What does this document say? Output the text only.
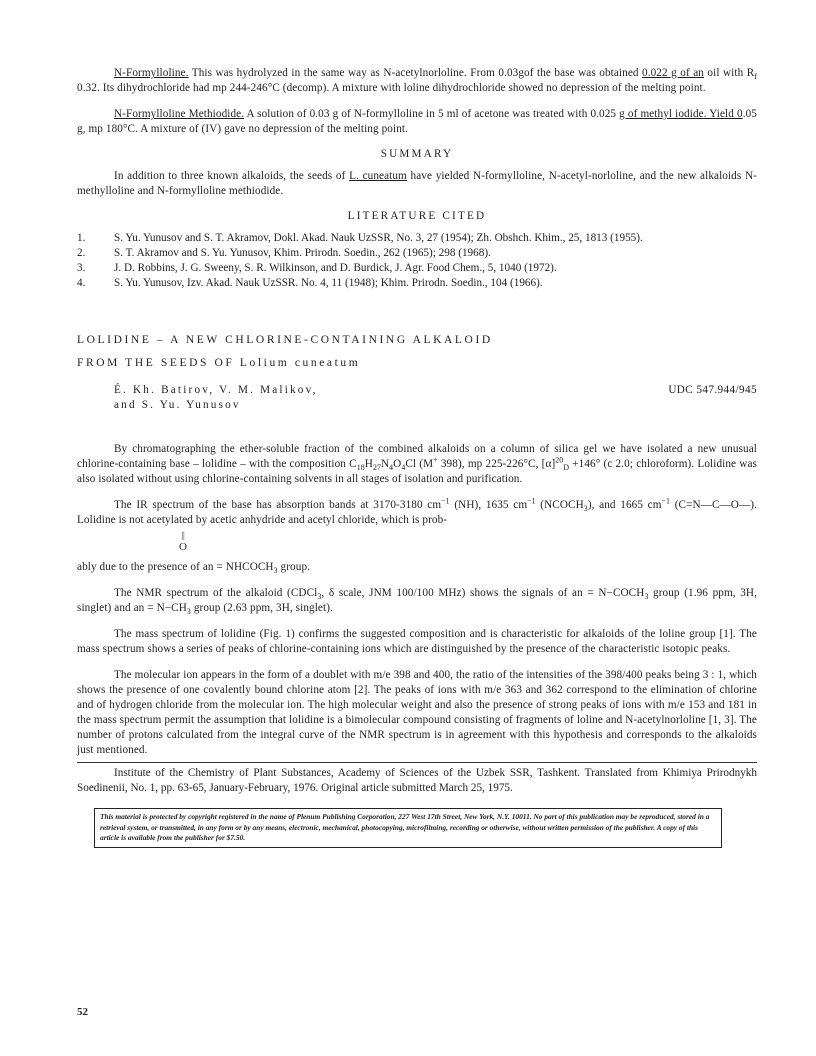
N-Formylloline. This was hydrolyzed in the same way as N-acetylnorloline. From 0.03gof the base was obtained 0.022 g of an oil with $R_f$ 0.32. Its dihydrochloride had mp 244-246°C (decomp). A mixture with loline dihydrochloride showed no depression of the melting point.

N-Formylloline Methiodide. A solution of 0.03 g of N-formylloline in 5 ml of acetone was treated with 0.025 g of methyl iodide. Yield 0.05 g, mp 180°C. A mixture of (IV) gave no depression of the melting point.

SUMMARY

In addition to three known alkaloids, the seeds of L. cuneatum have yielded N-formylloline, N-acetyl-norloline, and the new alkaloids N-methylloline and N-formylloline methiodide.

LITERATURE CITED
1.	S. Yu. Yunusov and S. T. Akramov, Dokl. Akad. Nauk UzSSR, No. 3, 27 (1954); Zh. Obshch. Khim., 25, 1813 (1955).
2.	S. T. Akramov and S. Yu. Yunusov, Khim. Prirodn. Soedin., 262 (1965); 298 (1968).
3.	J. D. Robbins, J. G. Sweeny, S. R. Wilkinson, and D. Burdick, J. Agr. Food Chem., 5, 1040 (1972).
4.	S. Yu. Yunusov, Izv. Akad. Nauk UzSSR. No. 4, 11 (1948); Khim. Prirodn. Soedin., 104 (1966).
LOLIDINE – A NEW CHLORINE-CONTAINING ALKALOID
FROM THE SEEDS OF Lolium cuneatum
É. Kh. Batirov, V. M. Malikov,
and S. Yu. Yunusov
UDC 547.944/945

By chromatographing the ether-soluble fraction of the combined alkaloids on a column of silica gel we have isolated a new unusual chlorine-containing base – lolidine – with the composition $C_{18}H_{27}N_4O_4Cl$ (M+ 398), mp 225-226°C, $[\alpha]^{20}_D +146^\circ$ (c 2.0; chloroform). Lolidine was also isolated without using chlorine-containing solvents in all stages of isolation and purification.

The IR spectrum of the base has absorption bands at 3170-3180 $cm^{-1}$ (NH), 1635 $cm^{-1}$ $(NCOCH_3)$, and 1665 $cm^{-1}$ (C=N—C—O—). Lolidine is not acetylated by acetic anhydride and acetyl chloride, which is prob-

||
O

ably due to the presence of an = $NHCOCH_3$ group.

The NMR spectrum of the alkaloid (CDCl$_3$, δ scale, JNM 100/100 MHz) shows the signals of an = $N-COCH_3$ group (1.96 ppm, 3H, singlet) and an = $N-CH_3$ group (2.63 ppm, 3H, singlet).

The mass spectrum of lolidine (Fig. 1) confirms the suggested composition and is characteristic for alkaloids of the loline group [1]. The mass spectrum shows a series of peaks of chlorine-containing ions which are distinguished by the presence of the characteristic isotopic peaks.

The molecular ion appears in the form of a doublet with m/e 398 and 400, the ratio of the intensities of the 398/400 peaks being 3 : 1, which shows the presence of one covalently bound chlorine atom [2]. The peaks of ions with m/e 363 and 362 correspond to the elimination of chlorine and of hydrogen chloride from the molecular ion. The high molecular weight and also the presence of strong peaks of ions with m/e 153 and 181 in the mass spectrum permit the assumption that lolidine is a bimolecular compound consisting of fragments of loline and N-acetylnorloline [1, 3]. The number of protons calculated from the integral curve of the NMR spectrum is in agreement with this hypothesis and corresponds to the alkaloids just mentioned.

Institute of the Chemistry of Plant Substances, Academy of Sciences of the Uzbek SSR, Tashkent. Translated from Khimiya Prirodnykh Soedinenii, No. 1, pp. 63-65, January-February, 1976. Original article submitted March 25, 1975.
This material is protected by copyright registered in the name of Plenum Publishing Corporation, 227 West 17th Street, New York, N.Y. 10011. No part of this publication may be reproduced, stored in a retrieval system, or transmitted, in any form or by any means, electronic, mechanical, photocopying, microfilming, recording or otherwise, without written permission of the publisher. A copy of this article is available from the publisher for $7.50.
52
